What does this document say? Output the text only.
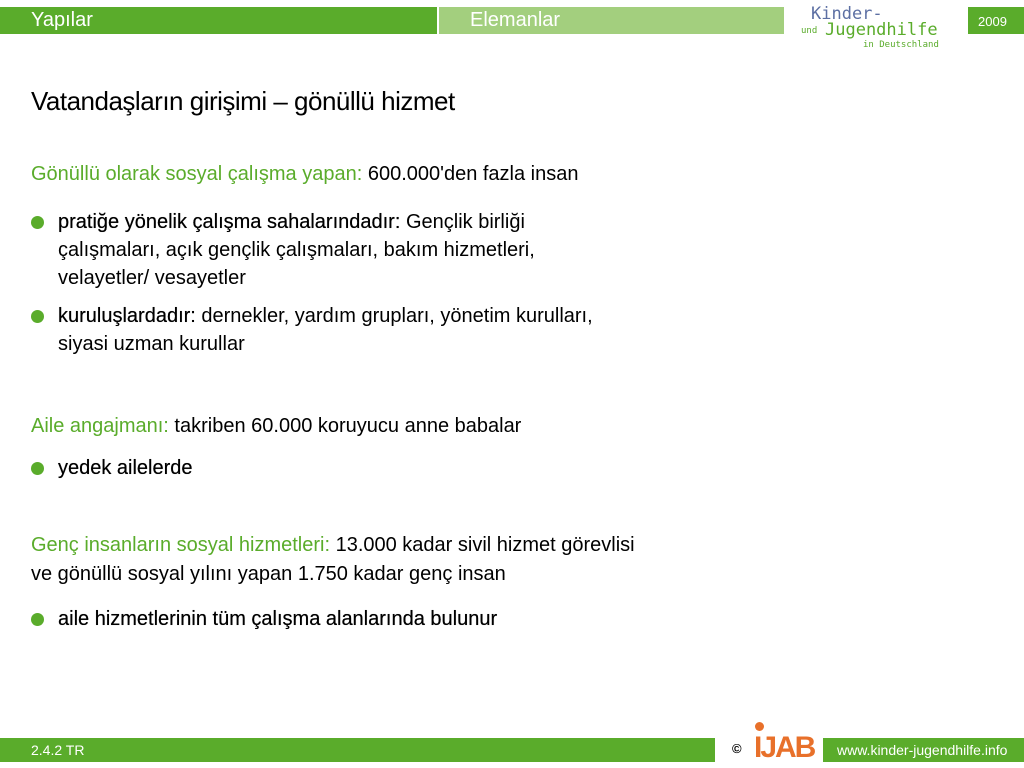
Yapılar	Elemanlar	Kinder-
und Jugendhilfe
in Deutschland
2009
Vatandaşların girişimi – gönüllü hizmet
Gönüllü olarak sosyal çalışma yapan: 600.000'den fazla insan
pratiğe yönelik çalışma sahalarındadır: Gençlik birliği
çalışmaları, açık gençlik çalışmaları, bakım hizmetleri,
velayetler/ vesayetler
kuruluşlardadır: dernekler, yardım grupları, yönetim kurulları,
siyasi uzman kurullar
Aile angajmanı: takriben 60.000 koruyucu anne babalar
yedek ailelerde
Genç insanların sosyal hizmetleri: 13.000 kadar sivil hizmet görevlisi
ve gönüllü sosyal yılını yapan 1.750 kadar genç insan
aile hizmetlerinin tüm çalışma alanlarında bulunur
2.4.2 TR	© IJAB www.kinder-jugendhilfe.info
